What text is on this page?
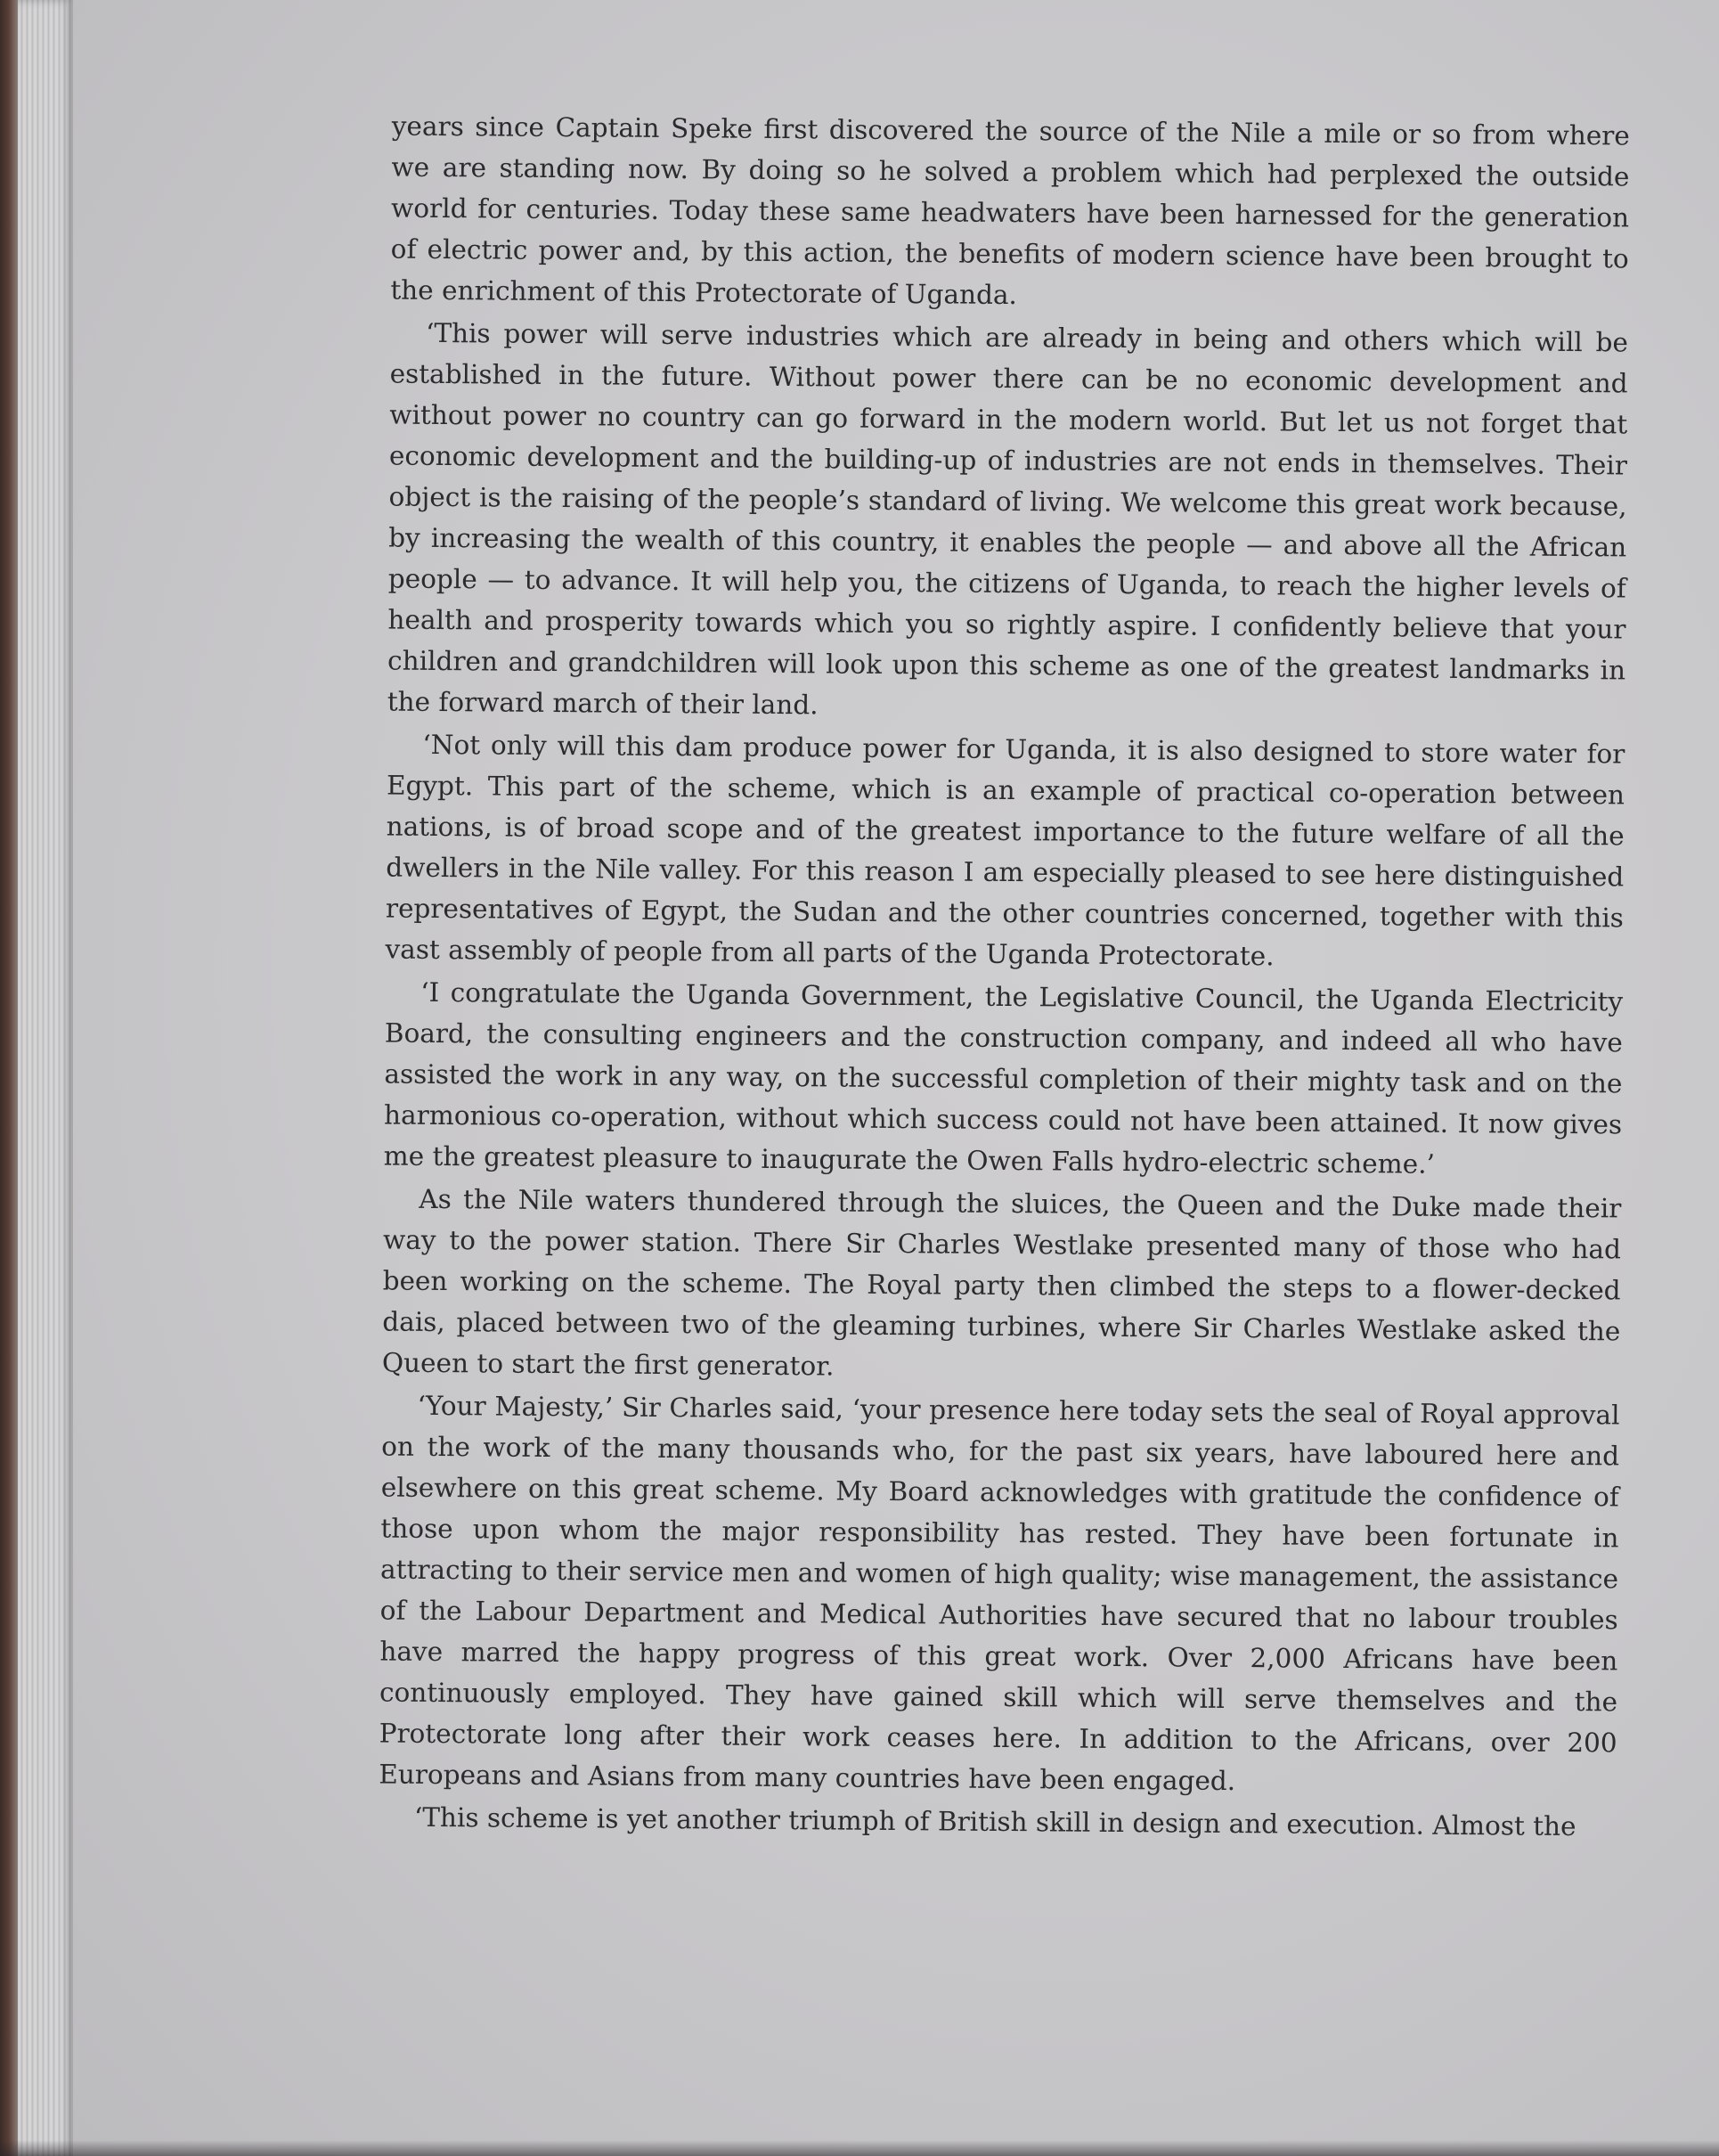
years since Captain Speke first discovered the source of the Nile a mile or so from where we are standing now. By doing so he solved a problem which had perplexed the outside world for centuries. Today these same headwaters have been harnessed for the generation of electric power and, by this action, the benefits of modern science have been brought to the enrichment of this Protectorate of Uganda.

‘This power will serve industries which are already in being and others which will be established in the future. Without power there can be no economic development and without power no country can go forward in the modern world. But let us not forget that economic development and the building-up of industries are not ends in themselves. Their object is the raising of the people’s standard of living. We welcome this great work because, by increasing the wealth of this country, it enables the people — and above all the African people — to advance. It will help you, the citizens of Uganda, to reach the higher levels of health and prosperity towards which you so rightly aspire. I confidently believe that your children and grandchildren will look upon this scheme as one of the greatest landmarks in the forward march of their land.

‘Not only will this dam produce power for Uganda, it is also designed to store water for Egypt. This part of the scheme, which is an example of practical co-operation between nations, is of broad scope and of the greatest importance to the future welfare of all the dwellers in the Nile valley. For this reason I am especially pleased to see here distinguished representatives of Egypt, the Sudan and the other countries concerned, together with this vast assembly of people from all parts of the Uganda Protectorate.

‘I congratulate the Uganda Government, the Legislative Council, the Uganda Electricity Board, the consulting engineers and the construction company, and indeed all who have assisted the work in any way, on the successful completion of their mighty task and on the harmonious co-operation, without which success could not have been attained. It now gives me the greatest pleasure to inaugurate the Owen Falls hydro-electric scheme.’

As the Nile waters thundered through the sluices, the Queen and the Duke made their way to the power station. There Sir Charles Westlake presented many of those who had been working on the scheme. The Royal party then climbed the steps to a flower-decked dais, placed between two of the gleaming turbines, where Sir Charles Westlake asked the Queen to start the first generator.

‘Your Majesty,’ Sir Charles said, ‘your presence here today sets the seal of Royal approval on the work of the many thousands who, for the past six years, have laboured here and elsewhere on this great scheme. My Board acknowledges with gratitude the confidence of those upon whom the major responsibility has rested. They have been fortunate in attracting to their service men and women of high quality; wise management, the assistance of the Labour Department and Medical Authorities have secured that no labour troubles have marred the happy progress of this great work. Over 2,000 Africans have been continuously employed. They have gained skill which will serve themselves and the Protectorate long after their work ceases here. In addition to the Africans, over 200 Europeans and Asians from many countries have been engaged.

‘This scheme is yet another triumph of British skill in design and execution. Almost the
